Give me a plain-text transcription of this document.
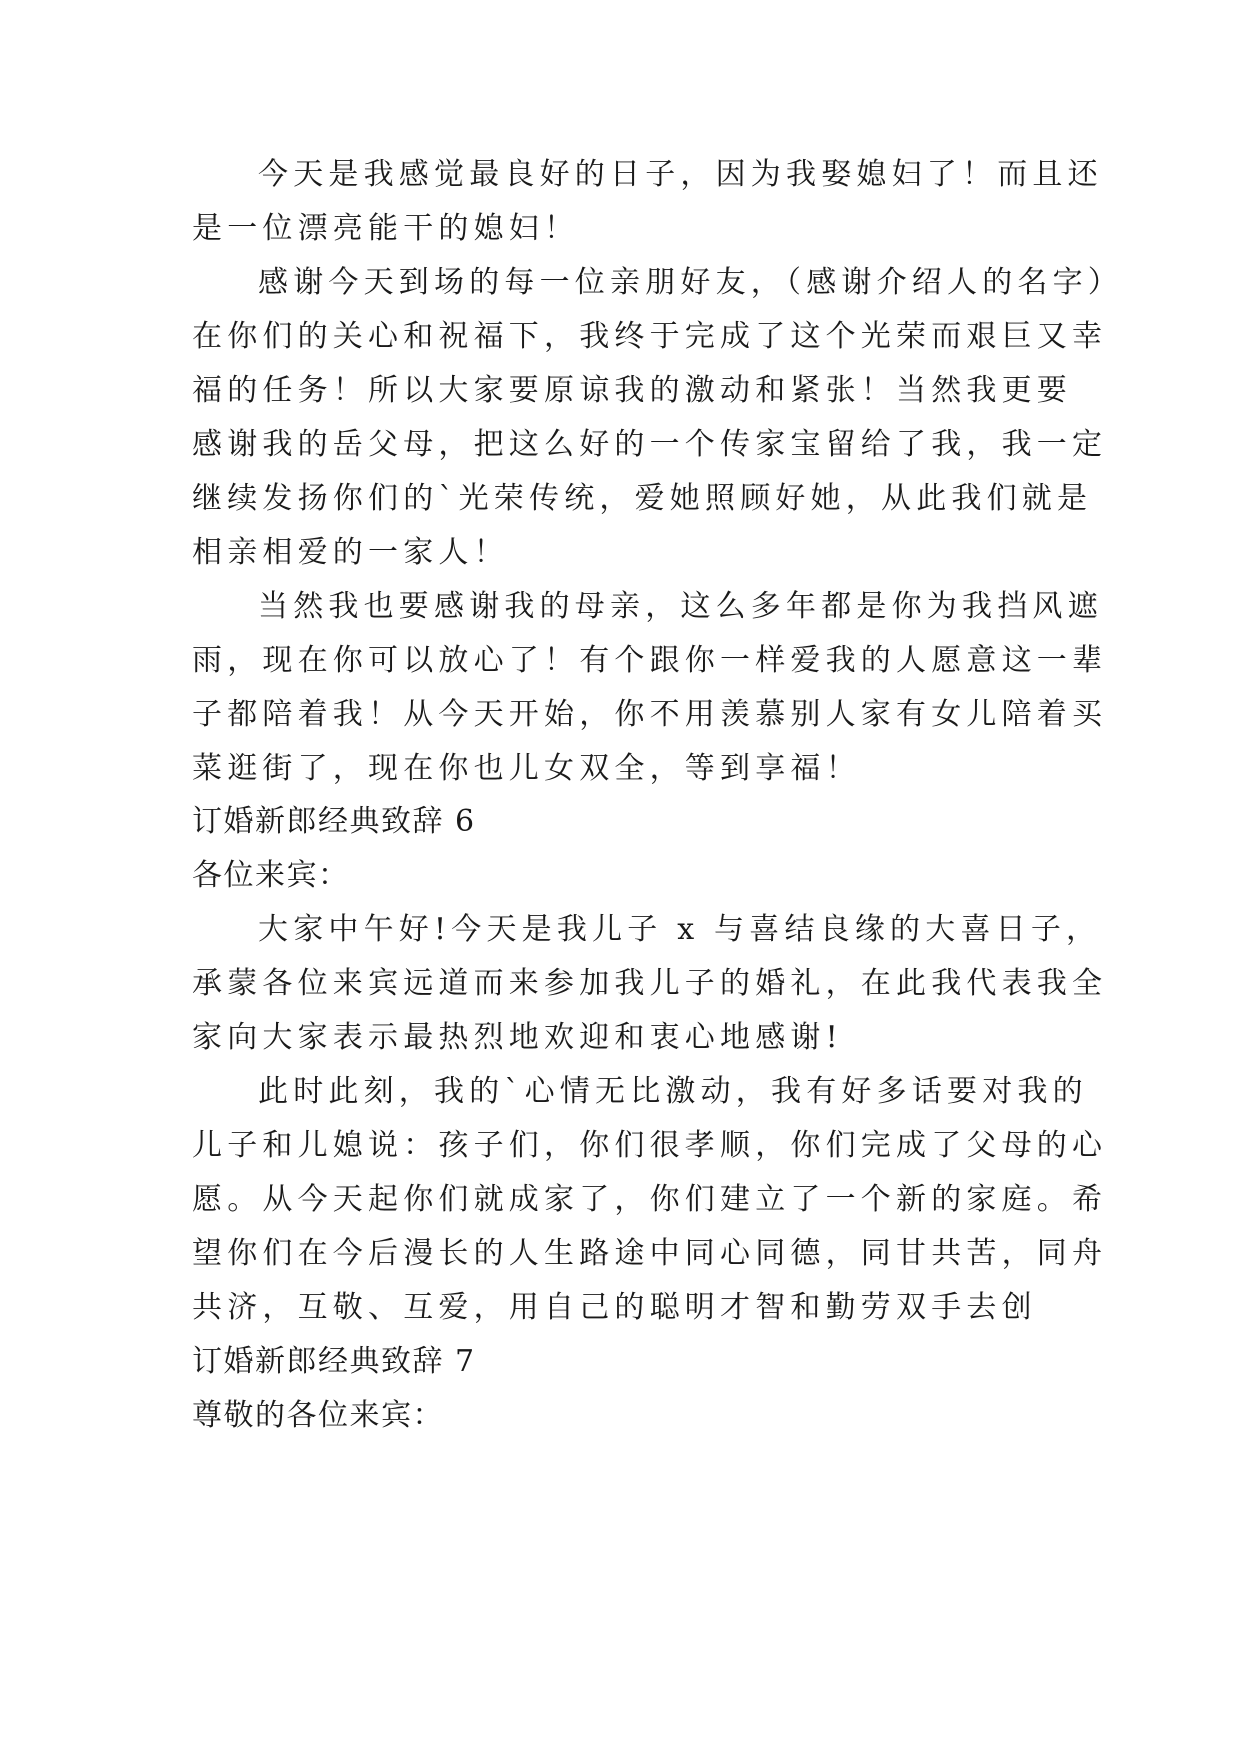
今天是我感觉最良好的日子，因为我娶媳妇了！而且还
是一位漂亮能干的媳妇！
感谢今天到场的每一位亲朋好友，（感谢介绍人的名字）
在你们的关心和祝福下，我终于完成了这个光荣而艰巨又幸
福的任务！所以大家要原谅我的激动和紧张！当然我更要
感谢我的岳父母，把这么好的一个传家宝留给了我，我一定
继续发扬你们的`光荣传统，爱她照顾好她，从此我们就是
相亲相爱的一家人！
当然我也要感谢我的母亲，这么多年都是你为我挡风遮
雨，现在你可以放心了！有个跟你一样爱我的人愿意这一辈
子都陪着我！从今天开始，你不用羡慕别人家有女儿陪着买
菜逛街了，现在你也儿女双全，等到享福！
订婚新郎经典致辞 6
各位来宾：
大家中午好!今天是我儿子 x 与喜结良缘的大喜日子，
承蒙各位来宾远道而来参加我儿子的婚礼，在此我代表我全
家向大家表示最热烈地欢迎和衷心地感谢!
此时此刻，我的`心情无比激动，我有好多话要对我的
儿子和儿媳说：孩子们，你们很孝顺，你们完成了父母的心
愿。从今天起你们就成家了，你们建立了一个新的家庭。希
望你们在今后漫长的人生路途中同心同德，同甘共苦，同舟
共济，互敬、互爱，用自己的聪明才智和勤劳双手去创
订婚新郎经典致辞 7
尊敬的各位来宾：
